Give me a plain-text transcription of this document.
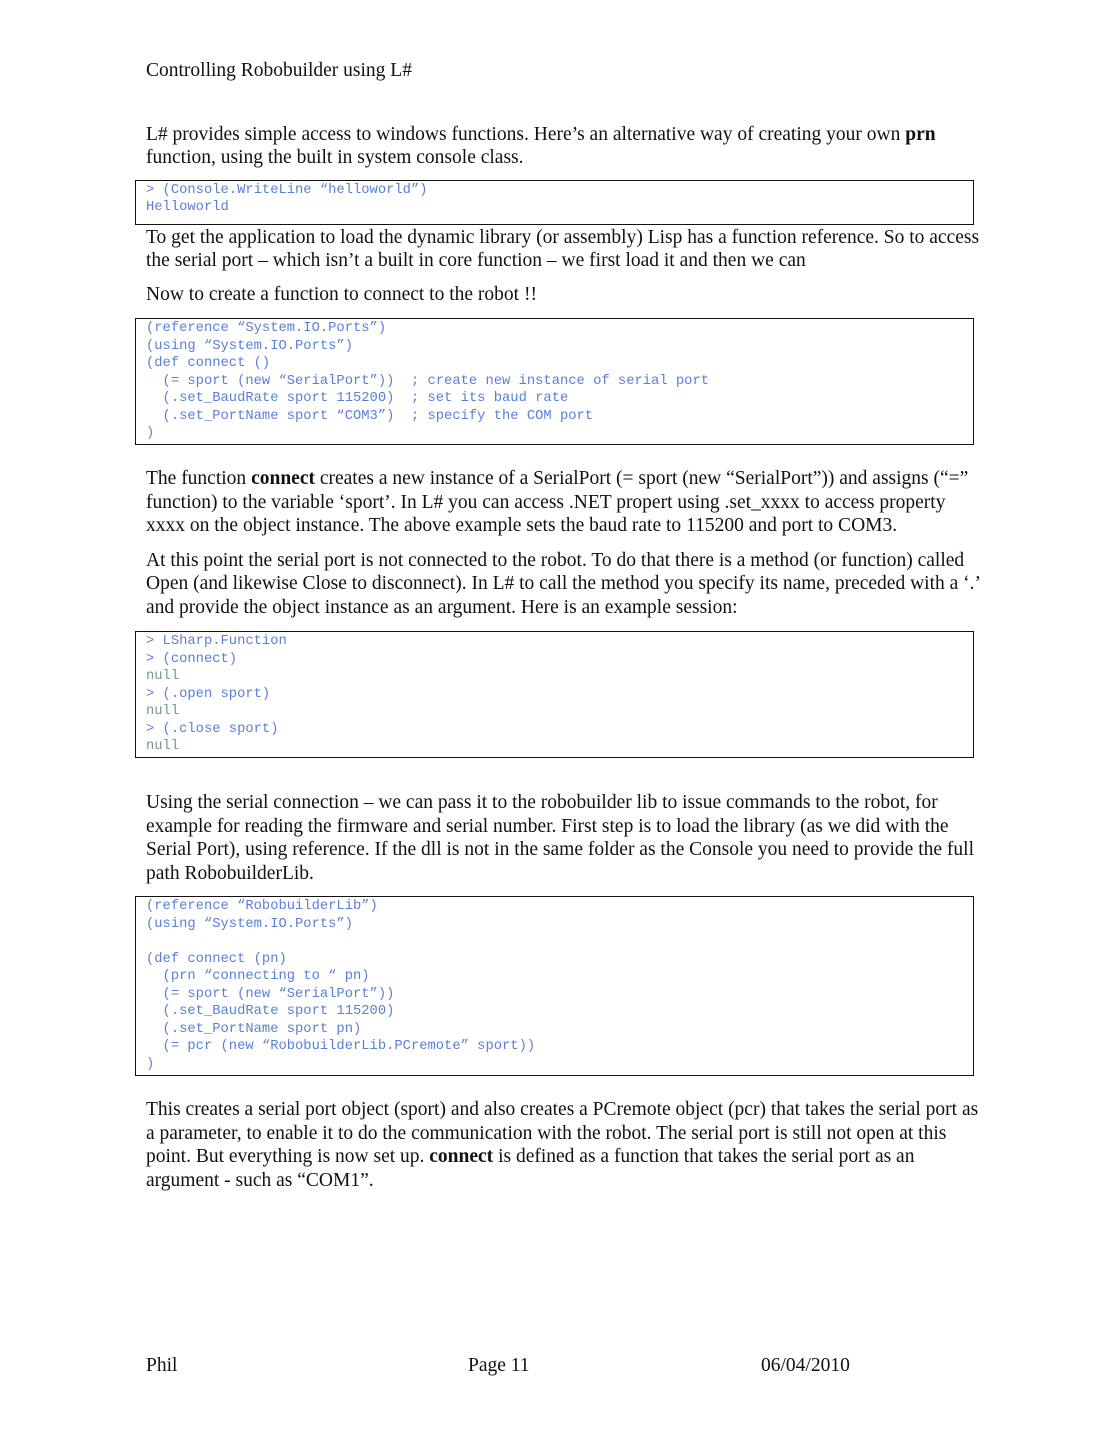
Controlling Robobuilder using L#
L# provides simple access to windows functions. Here’s an alternative way of creating your own prn function, using the built in system console class.
> (Console.WriteLine “helloworld”)
Helloworld
To get the application to load the dynamic library (or assembly) Lisp has a function reference. So to access the serial port – which isn’t a built in core function – we first load it and then we can
Now to create a function to connect to the robot !!
(reference “System.IO.Ports”)
(using “System.IO.Ports”)
(def connect ()
(= sport (new “SerialPort”))  ; create new instance of serial port
(.set_BaudRate sport 115200)  ; set its baud rate
(.set_PortName sport “COM3”)  ; specify the COM port
)
The function connect creates a new instance of a SerialPort (= sport (new “SerialPort”)) and assigns (“=” function) to the variable ‘sport’. In L# you can access .NET propert using .set_xxxx to access property xxxx on the object instance. The above example sets the baud rate to 115200 and port to COM3.
At this point the serial port is not connected to the robot. To do that there is a method (or function) called Open (and likewise Close to disconnect). In L# to call the method you specify its name, preceded with a ‘.’ and provide the object instance as an argument. Here is an example session:
> LSharp.Function
> (connect)
null
> (.open sport)
null
> (.close sport)
null
Using the serial connection – we can pass it to the robobuilder lib to issue commands to the robot, for example for reading the firmware and serial number. First step is to load the library (as we did with the Serial Port), using reference. If the dll is not in the same folder as the Console you need to provide the full path RobobuilderLib.
(reference “RobobuilderLib”)
(using “System.IO.Ports”)
(def connect (pn)
(prn “connecting to “ pn)
(= sport (new “SerialPort”))
(.set_BaudRate sport 115200)
(.set_PortName sport pn)
(= pcr (new “RobobuilderLib.PCremote” sport))
)
This creates a serial port object (sport) and also creates a PCremote object (pcr) that takes the serial port as a parameter, to enable it to do the communication with the robot. The serial port is still not open at this point. But everything is now set up. connect is defined as a function that takes the serial port as an argument - such as “COM1”.
Phil	Page 11	06/04/2010
